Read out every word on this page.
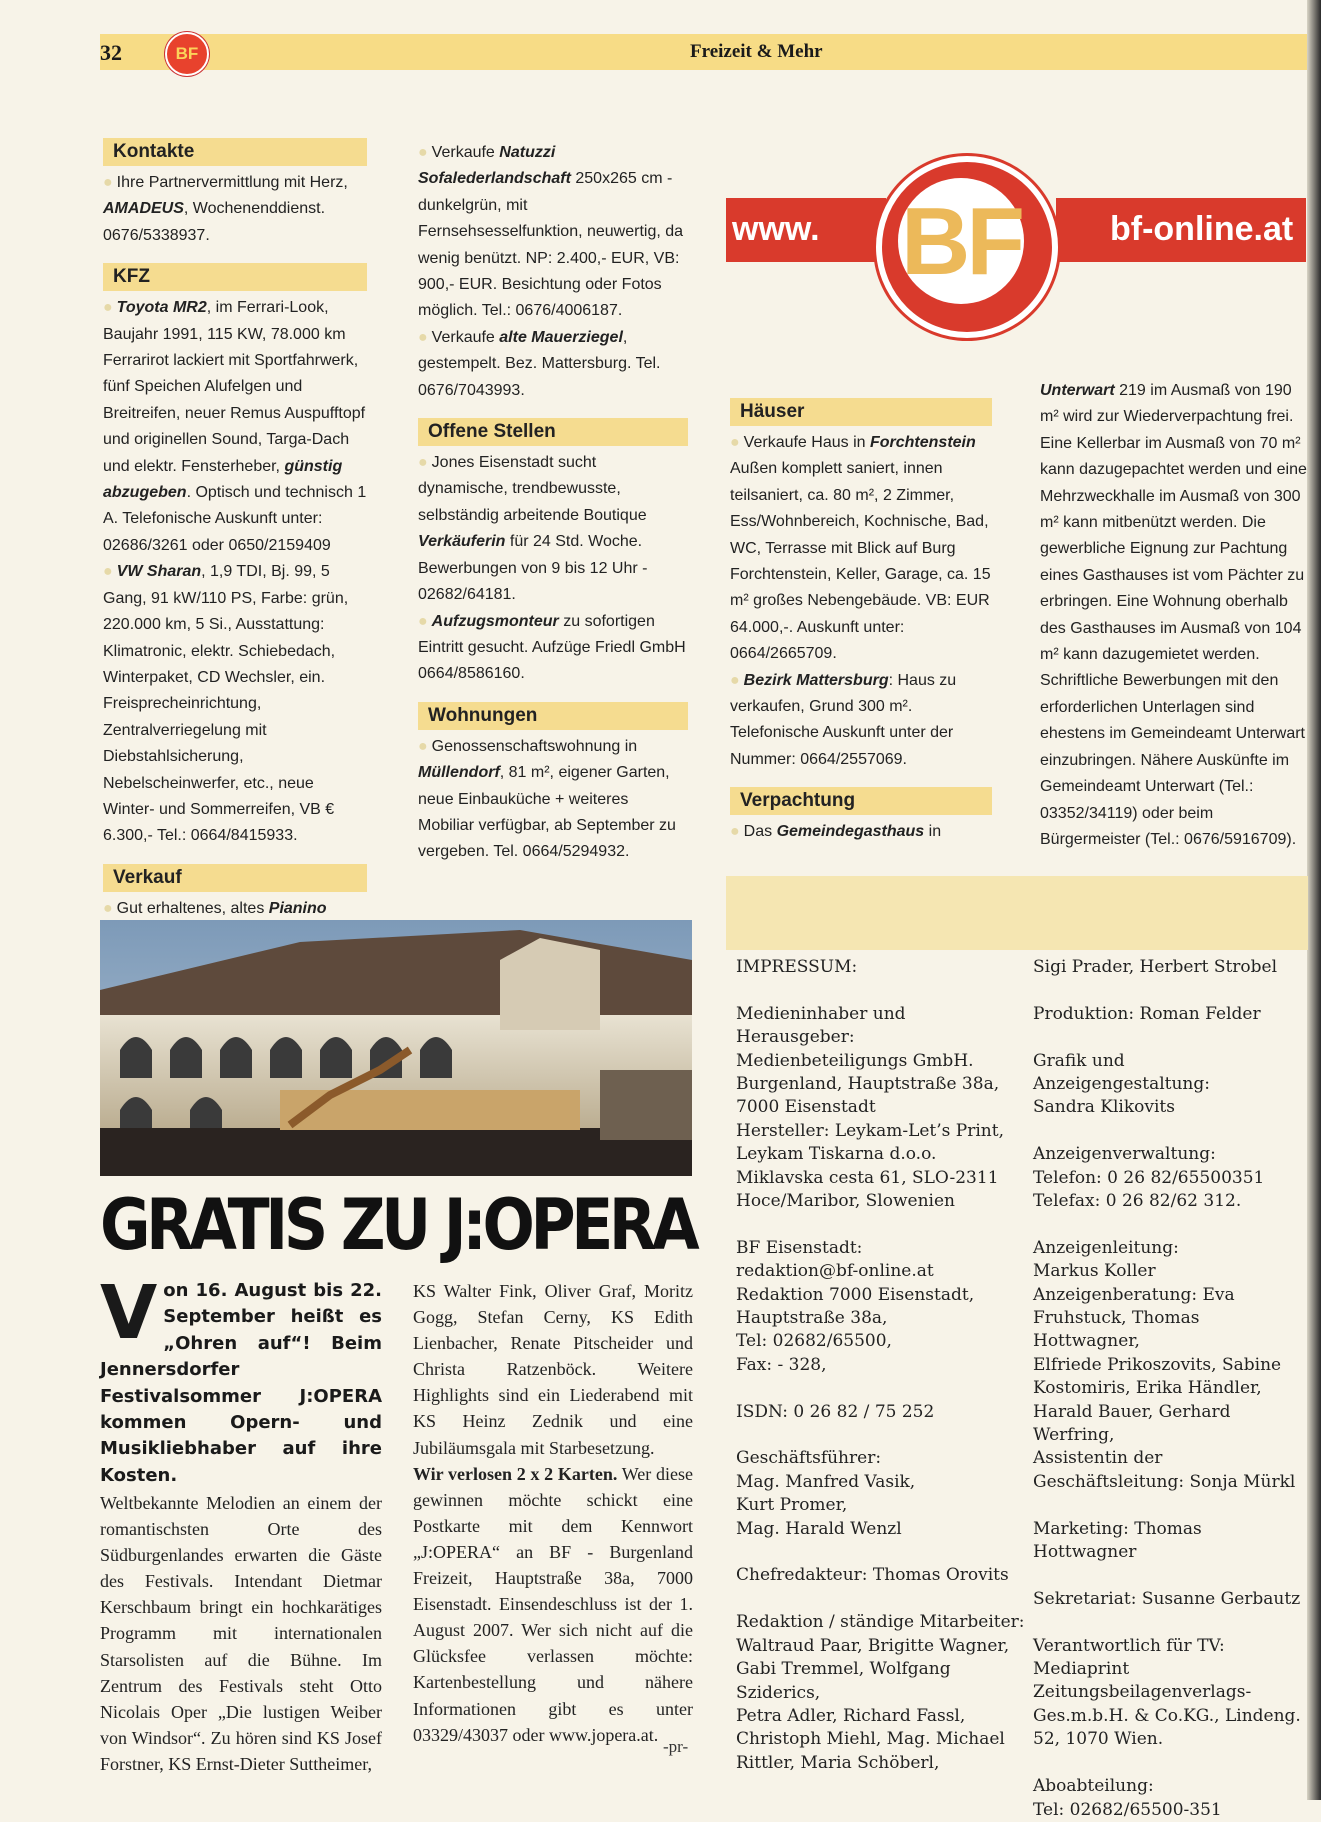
32	BF	Freizeit & Mehr
Kontakte

● Ihre Partnervermittlung mit Herz, AMADEUS, Wochenenddienst. 0676/5338937.

KFZ

● Toyota MR2, im Ferrari-Look, Baujahr 1991, 115 KW, 78.000 km Ferrarirot lackiert mit Sportfahrwerk, fünf Speichen Alufelgen und Breitreifen, neuer Remus Auspufftopf und originellen Sound, Targa-Dach und elektr. Fensterheber, günstig abzugeben. Optisch und technisch 1 A. Telefonische Auskunft unter: 02686/3261 oder 0650/2159409

● VW Sharan, 1,9 TDI, Bj. 99, 5 Gang, 91 kW/110 PS, Farbe: grün, 220.000 km, 5 Si., Ausstattung: Klimatronic, elektr. Schiebedach, Winterpaket, CD Wechsler, ein. Freisprecheinrichtung, Zentralverriegelung mit Diebstahlsicherung, Nebelscheinwerfer, etc., neue Winter- und Sommerreifen, VB € 6.300,- Tel.: 0664/8415933.

Verkauf

● Gut erhaltenes, altes Pianino

● Verkaufe Natuzzi Sofalederlandschaft 250x265 cm - dunkelgrün, mit Fernsehsesselfunktion, neuwertig, da wenig benützt. NP: 2.400,- EUR, VB: 900,- EUR. Besichtung oder Fotos möglich. Tel.: 0676/4006187.

● Verkaufe alte Mauerziegel, gestempelt. Bez. Mattersburg. Tel. 0676/7043993.

Offene Stellen

● Jones Eisenstadt sucht dynamische, trendbewusste, selbständig arbeitende Boutique Verkäuferin für 24 Std. Woche. Bewerbungen von 9 bis 12 Uhr - 02682/64181.

● Aufzugsmonteur zu sofortigen Eintritt gesucht. Aufzüge Friedl GmbH 0664/8586160.

Wohnungen

● Genossenschaftswohnung in Müllendorf, 81 m², eigener Garten, neue Einbauküche + weiteres Mobiliar verfügbar, ab September zu vergeben. Tel. 0664/5294932.

www.	bf-online.at
BF
Häuser

● Verkaufe Haus in Forchtenstein Außen komplett saniert, innen teilsaniert, ca. 80 m², 2 Zimmer, Ess/Wohnbereich, Kochnische, Bad, WC, Terrasse mit Blick auf Burg Forchtenstein, Keller, Garage, ca. 15 m² großes Nebengebäude. VB: EUR 64.000,-. Auskunft unter: 0664/2665709.

● Bezirk Mattersburg: Haus zu verkaufen, Grund 300 m². Telefonische Auskunft unter der Nummer: 0664/2557069.

Verpachtung

● Das Gemeindegasthaus in

Unterwart 219 im Ausmaß von 190 m² wird zur Wiederverpachtung frei. Eine Kellerbar im Ausmaß von 70 m² kann dazugepachtet werden und eine Mehrzweckhalle im Ausmaß von 300 m² kann mitbenützt werden. Die gewerbliche Eignung zur Pachtung eines Gasthauses ist vom Pächter zu erbringen. Eine Wohnung oberhalb des Gasthauses im Ausmaß von 104 m² kann dazugemietet werden. Schriftliche Bewerbungen mit den erforderlichen Unterlagen sind ehestens im Gemeindeamt Unterwart einzubringen. Nähere Auskünfte im Gemeindeamt Unterwart (Tel.: 03352/34119) oder beim Bürgermeister (Tel.: 0676/5916709).

GRATIS ZU J:OPERA
Von 16. August bis 22. September heißt es „Ohren auf“! Beim Jennersdorfer Festivalsommer J:OPERA kommen Opern- und Musikliebhaber auf ihre Kosten.

Weltbekannte Melodien an einem der romantischsten Orte des Südburgenlandes erwarten die Gäste des Festivals. Intendant Dietmar Kerschbaum bringt ein hochkarätiges Programm mit internationalen Starsolisten auf die Bühne. Im Zentrum des Festivals steht Otto Nicolais Oper „Die lustigen Weiber von Windsor“. Zu hören sind KS Josef Forstner, KS Ernst-Dieter Suttheimer,

KS Walter Fink, Oliver Graf, Moritz Gogg, Stefan Cerny, KS Edith Lienbacher, Renate Pitscheider und Christa Ratzenböck. Weitere Highlights sind ein Liederabend mit KS Heinz Zednik und eine Jubiläumsgala mit Starbesetzung.

Wir verlosen 2 x 2 Karten. Wer diese gewinnen möchte schickt eine Postkarte mit dem Kennwort „J:OPERA“ an BF - Burgenland Freizeit, Hauptstraße 38a, 7000 Eisenstadt. Einsendeschluss ist der 1. August 2007. Wer sich nicht auf die Glücksfee verlassen möchte: Kartenbestellung und nähere Informationen gibt es unter 03329/43037 oder www.jopera.at.

-pr-

IMPRESSUM:

Medieninhaber und

Herausgeber:

Medienbeteiligungs GmbH.

Burgenland, Hauptstraße 38a,

7000 Eisenstadt

Hersteller: Leykam-Let’s Print,

Leykam Tiskarna d.o.o.

Miklavska cesta 61, SLO-2311

Hoce/Maribor, Slowenien

BF Eisenstadt:

redaktion@bf-online.at

Redaktion 7000 Eisenstadt,

Hauptstraße 38a,

Tel: 02682/65500,

Fax: - 328,

ISDN: 0 26 82 / 75 252

Geschäftsführer:

Mag. Manfred Vasik,

Kurt Promer,

Mag. Harald Wenzl

Chefredakteur: Thomas Orovits

Redaktion / ständige Mitarbeiter:

Waltraud Paar, Brigitte Wagner,

Gabi Tremmel, Wolfgang Sziderics,

Petra Adler, Richard Fassl,

Christoph Miehl, Mag. Michael

Rittler, Maria Schöberl,

Sigi Prader, Herbert Strobel

Produktion: Roman Felder

Grafik und Anzeigengestaltung:

Sandra Klikovits

Anzeigenverwaltung:

Telefon: 0 26 82/65500351

Telefax: 0 26 82/62 312.

Anzeigenleitung:

Markus Koller

Anzeigenberatung: Eva Fruhstuck, Thomas Hottwagner,

Elfriede Prikoszovits, Sabine

Kostomiris, Erika Händler,

Harald Bauer, Gerhard Werfring,

Assistentin der Geschäftsleitung: Sonja Mürkl

Marketing: Thomas Hottwagner

Sekretariat: Susanne Gerbautz

Verantwortlich für TV:

Mediaprint

Zeitungsbeilagenverlags-

Ges.m.b.H. & Co.KG., Lindeng.

52, 1070 Wien.

Aboabteilung:

Tel: 02682/65500-351
